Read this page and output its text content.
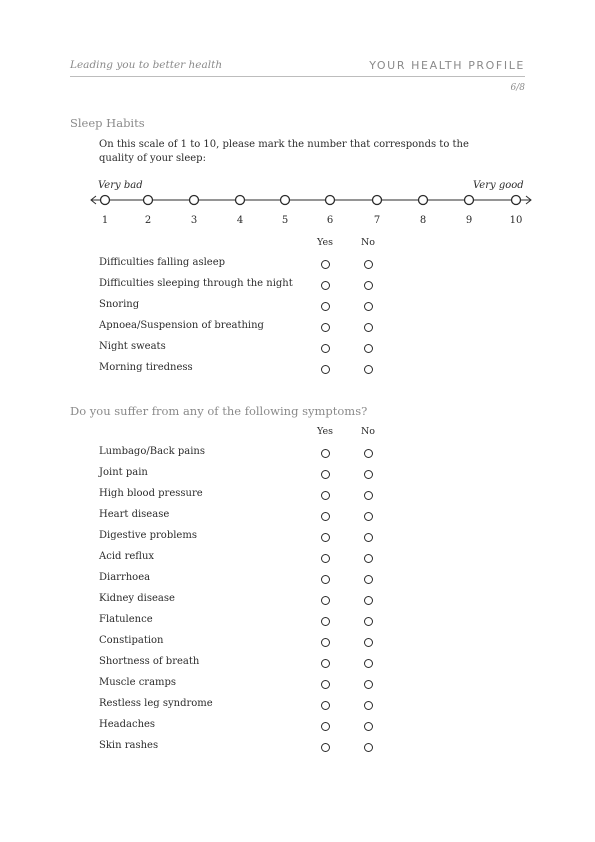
Leading you to better health	YOUR HEALTH PROFILE
6/8
Sleep Habits
On this scale of 1 to 10, please mark the number that corresponds to the quality of your sleep:
Very bad	Very good
1	2	3	4	5	6	7	8	9	10
Yes	No
Difficulties falling asleep
Difficulties sleeping through the night
Snoring
Apnoea/Suspension of breathing
Night sweats
Morning tiredness
Do you suffer from any of the following symptoms?
Yes	No
Lumbago/Back pains
Joint pain
High blood pressure
Heart disease
Digestive problems
Acid reflux
Diarrhoea
Kidney disease
Flatulence
Constipation
Shortness of breath
Muscle cramps
Restless leg syndrome
Headaches
Skin rashes
